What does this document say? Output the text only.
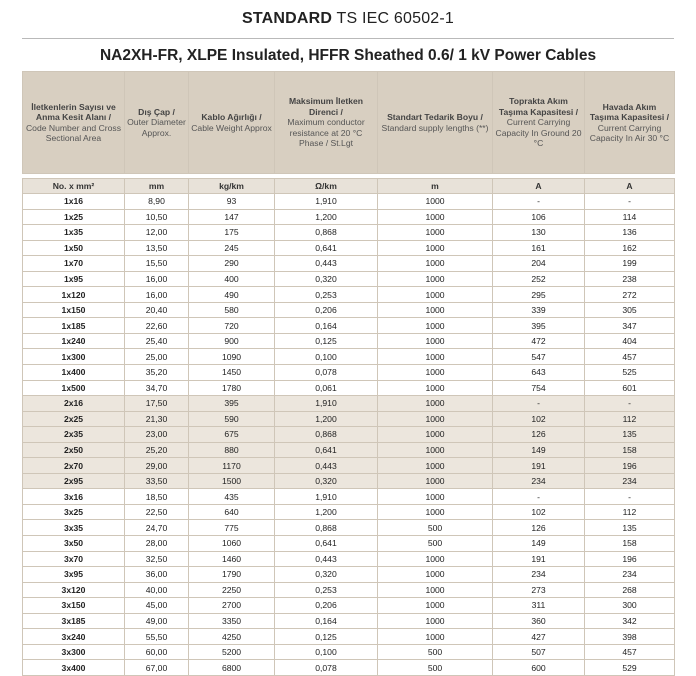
STANDARD TS IEC 60502-1
NA2XH-FR, XLPE Insulated, HFFR Sheathed 0.6/ 1 kV Power Cables
İletkenlerin Sayısı ve Anma Kesit Alanı /
Code Number and Cross Sectional Area	Dış Çap /
Outer Diameter Approx.	Kablo Ağırlığı /
Cable Weight Approx	Maksimum İletken Direnci /
Maximum conductor resistance at 20 °C Phase / St.Lgt	Standart Tedarik Boyu /
Standard supply lengths (**)	Toprakta Akım Taşıma Kapasitesi /
Current Carrying Capacity In Ground 20 °C	Havada Akım Taşıma Kapasitesi /
Current Carrying Capacity In Air 30 °C

No. x mm²	mm	kg/km	Ω/km	m	A	A
1x16	8,90	93	1,910	1000	-	-
1x25	10,50	147	1,200	1000	106	114
1x35	12,00	175	0,868	1000	130	136
1x50	13,50	245	0,641	1000	161	162
1x70	15,50	290	0,443	1000	204	199
1x95	16,00	400	0,320	1000	252	238
1x120	16,00	490	0,253	1000	295	272
1x150	20,40	580	0,206	1000	339	305
1x185	22,60	720	0,164	1000	395	347
1x240	25,40	900	0,125	1000	472	404
1x300	25,00	1090	0,100	1000	547	457
1x400	35,20	1450	0,078	1000	643	525
1x500	34,70	1780	0,061	1000	754	601
2x16	17,50	395	1,910	1000	-	-
2x25	21,30	590	1,200	1000	102	112
2x35	23,00	675	0,868	1000	126	135
2x50	25,20	880	0,641	1000	149	158
2x70	29,00	1170	0,443	1000	191	196
2x95	33,50	1500	0,320	1000	234	234
3x16	18,50	435	1,910	1000	-	-
3x25	22,50	640	1,200	1000	102	112
3x35	24,70	775	0,868	500	126	135
3x50	28,00	1060	0,641	500	149	158
3x70	32,50	1460	0,443	1000	191	196
3x95	36,00	1790	0,320	1000	234	234
3x120	40,00	2250	0,253	1000	273	268
3x150	45,00	2700	0,206	1000	311	300
3x185	49,00	3350	0,164	1000	360	342
3x240	55,50	4250	0,125	1000	427	398
3x300	60,00	5200	0,100	500	507	457
3x400	67,00	6800	0,078	500	600	529
